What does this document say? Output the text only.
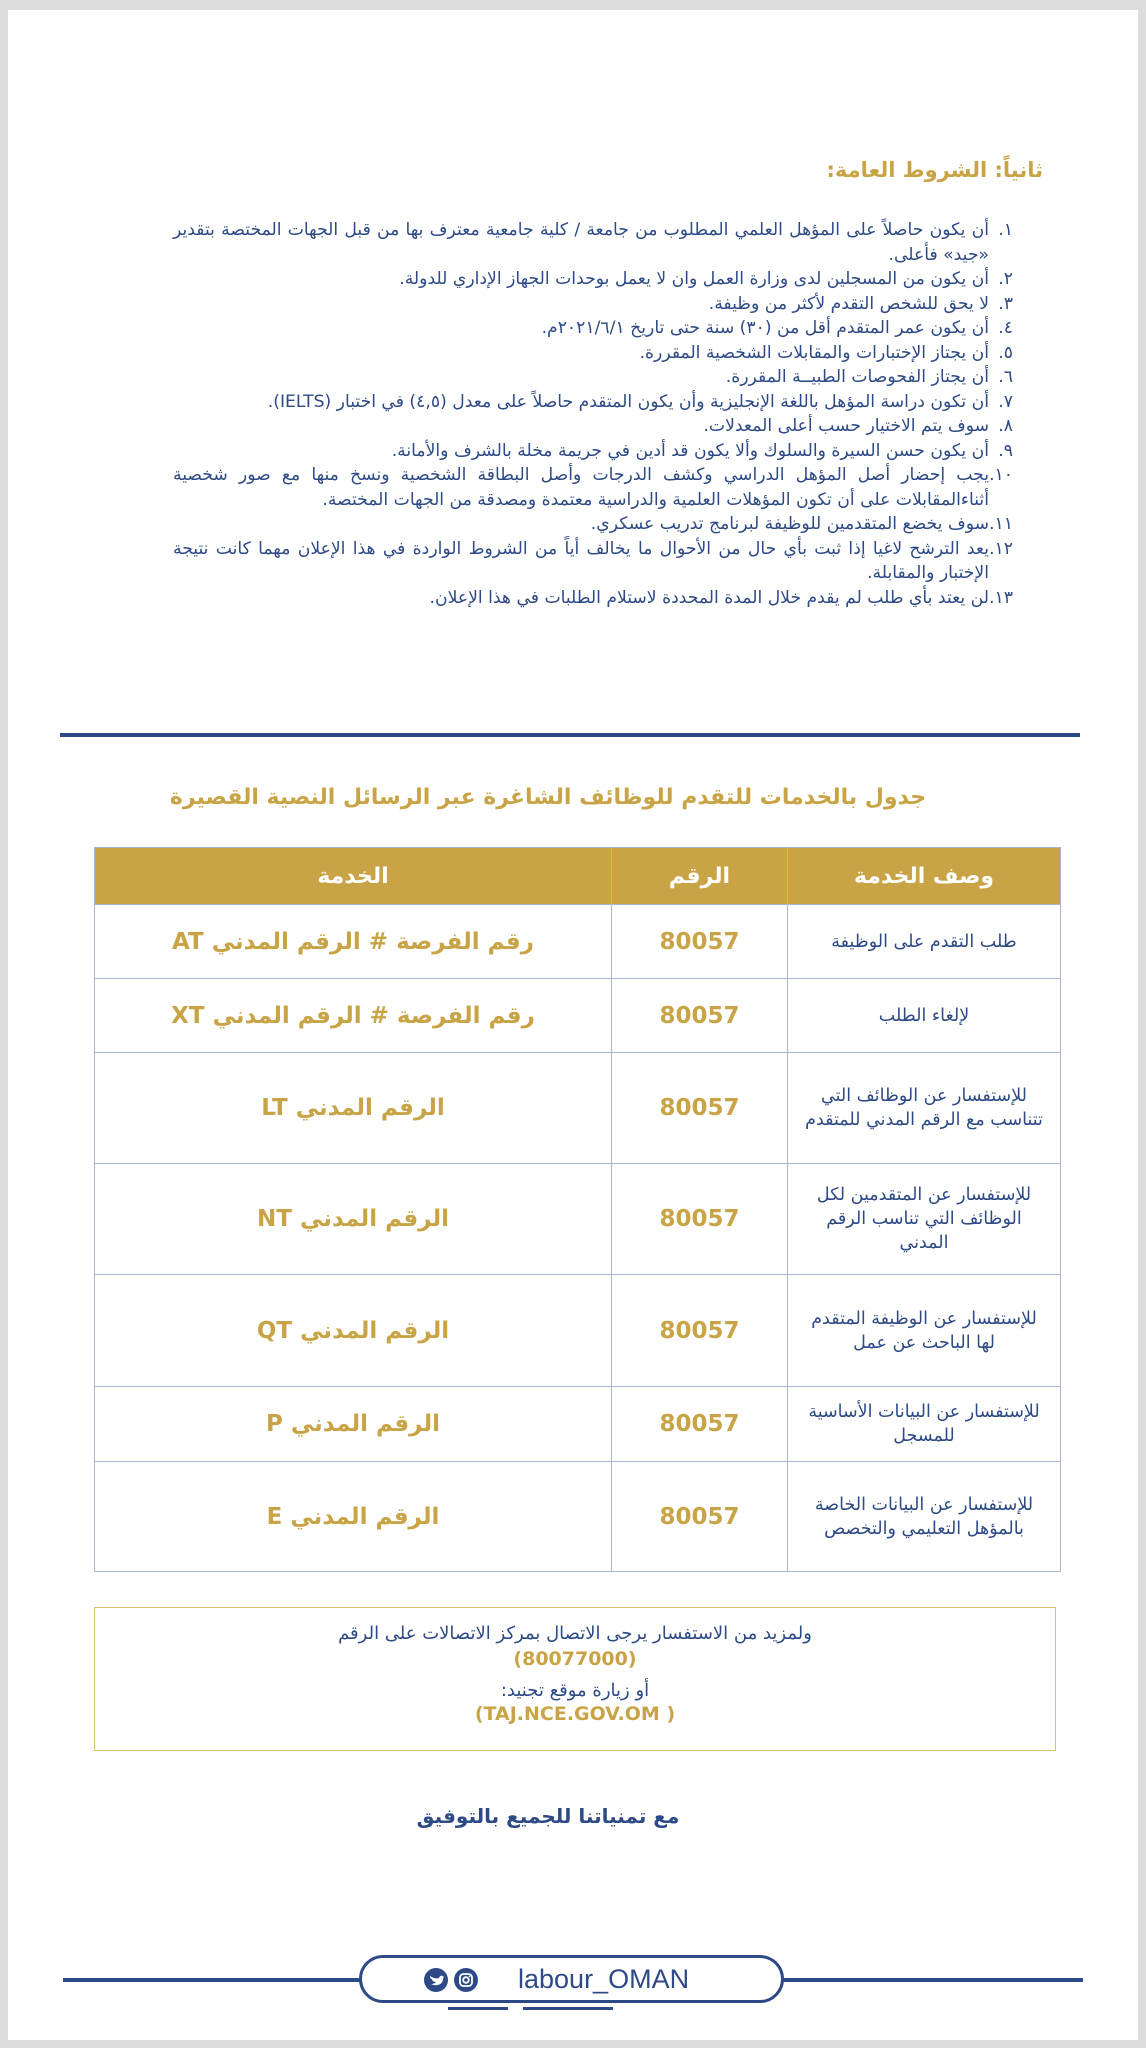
ثانياً: الشروط العامة:
١.
أن يكون حاصلاً على المؤهل العلمي المطلوب من جامعة / كلية جامعية معترف بها من قبل الجهات المختصة بتقدير «جيد» فأعلى.
٢.
أن يكون من المسجلين لدى وزارة العمل وان لا يعمل بوحدات الجهاز الإداري للدولة.
٣.
لا يحق للشخص التقدم لأكثر من وظيفة.
٤.
أن يكون عمر المتقدم أقل من (٣٠) سنة حتى تاريخ ٢٠٢١/٦/١م.
٥.
أن يجتاز الإختبارات والمقابلات الشخصية المقررة.
٦.
أن يجتاز الفحوصات الطبيــة المقررة.
٧.
أن تكون دراسة المؤهل باللغة الإنجليزية وأن يكون المتقدم حاصلاً على معدل (٤,٥) في اختبار (IELTS).
٨.
سوف يتم الاختيار حسب أعلى المعدلات.
٩.
أن يكون حسن السيرة والسلوك وألا يكون قد أدين في جريمة مخلة بالشرف والأمانة.
١٠.
يجب إحضار أصل المؤهل الدراسي وكشف الدرجات وأصل البطاقة الشخصية ونسخ منها مع صور شخصية أثناءالمقابلات على أن تكون المؤهلات العلمية والدراسية معتمدة ومصدقة من الجهات المختصة.
١١.
سوف يخضع المتقدمين للوظيفة لبرنامج تدريب عسكري.
١٢.
يعد الترشح لاغيا إذا ثبت بأي حال من الأحوال ما يخالف أياً من الشروط الواردة في هذا الإعلان مهما كانت نتيجة الإختبار والمقابلة.
١٣.
لن يعتد بأي طلب لم يقدم خلال المدة المحددة لاستلام الطلبات في هذا الإعلان.
جدول بالخدمات للتقدم للوظائف الشاغرة عبر الرسائل النصية القصيرة
وصف الخدمة	الرقم	الخدمة
طلب التقدم على الوظيفة	80057	رقم الفرصة # الرقم المدني AT
لإلغاء الطلب	80057	رقم الفرصة # الرقم المدني XT
للإستفسار عن الوظائف التي تتناسب مع الرقم المدني للمتقدم	80057	الرقم المدني LT
للإستفسار عن المتقدمين لكل الوظائف التي تناسب الرقم المدني	80057	الرقم المدني NT
للإستفسار عن الوظيفة المتقدم لها الباحث عن عمل	80057	الرقم المدني QT
للإستفسار عن البيانات الأساسية للمسجل	80057	الرقم المدني P
للإستفسار عن البيانات الخاصة بالمؤهل التعليمي والتخصص	80057	الرقم المدني E
ولمزيد من الاستفسار يرجى الاتصال بمركز الاتصالات على الرقم
(80077000)
أو زيارة موقع تجنيد:
(TAJ.NCE.GOV.OM )
مع تمنياتنا للجميع بالتوفيق
labour_OMAN
